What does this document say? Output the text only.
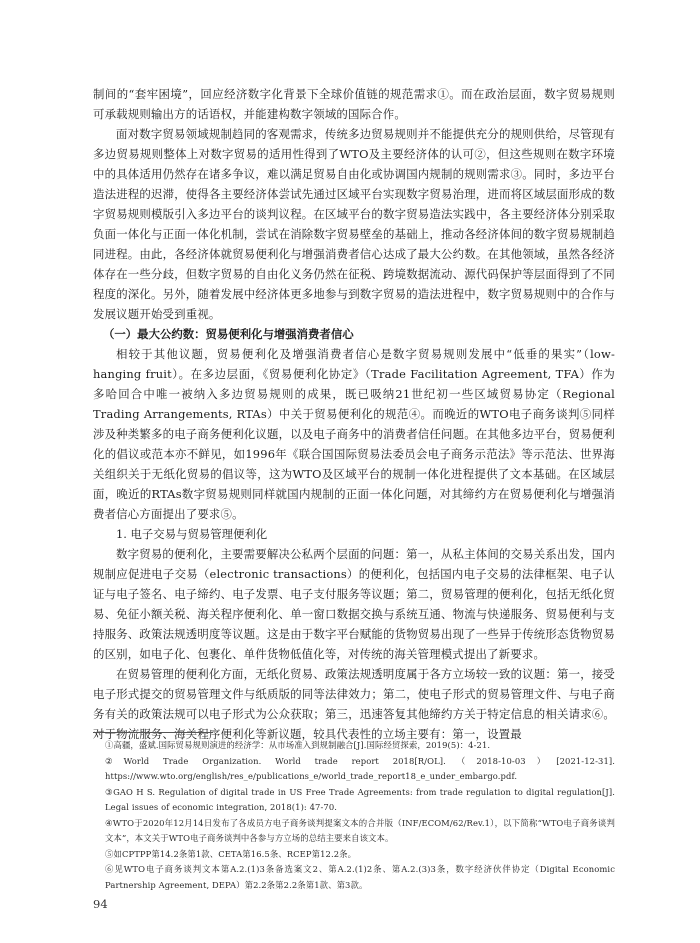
制间的“套牢困境”，回应经济数字化背景下全球价值链的规范需求①。而在政治层面，数字贸易规则可承载规则输出方的话语权，并能建构数字领域的国际合作。

面对数字贸易领域规制趋同的客观需求，传统多边贸易规则并不能提供充分的规则供给，尽管现有多边贸易规则整体上对数字贸易的适用性得到了WTO及主要经济体的认可②，但这些规则在数字环境中的具体适用仍然存在诸多争议，难以满足贸易自由化或协调国内规制的规则需求③。同时，多边平台造法进程的迟滞，使得各主要经济体尝试先通过区域平台实现数字贸易治理，进而将区域层面形成的数字贸易规则模版引入多边平台的谈判议程。在区域平台的数字贸易造法实践中，各主要经济体分别采取负面一体化与正面一体化机制，尝试在消除数字贸易壁垒的基础上，推动各经济体间的数字贸易规制趋同进程。由此，各经济体就贸易便利化与增强消费者信心达成了最大公约数。在其他领域，虽然各经济体存在一些分歧，但数字贸易的自由化义务仍然在征税、跨境数据流动、源代码保护等层面得到了不同程度的深化。另外，随着发展中经济体更多地参与到数字贸易的造法进程中，数字贸易规则中的合作与发展议题开始受到重视。

（一）最大公约数：贸易便利化与增强消费者信心

相较于其他议题，贸易便利化及增强消费者信心是数字贸易规则发展中“低垂的果实”（low-hanging fruit）。在多边层面，《贸易便利化协定》（Trade Facilitation Agreement, TFA）作为多哈回合中唯一被纳入多边贸易规则的成果，既已吸纳21世纪初一些区域贸易协定（Regional Trading Arrangements, RTAs）中关于贸易便利化的规范④。而晚近的WTO电子商务谈判⑤同样涉及种类繁多的电子商务便利化议题，以及电子商务中的消费者信任问题。在其他多边平台，贸易便利化的倡议或范本亦不鲜见，如1996年《联合国国际贸易法委员会电子商务示范法》等示范法、世界海关组织关于无纸化贸易的倡议等，这为WTO及区域平台的规制一体化进程提供了文本基础。在区域层面，晚近的RTAs数字贸易规则同样就国内规制的正面一体化问题，对其缔约方在贸易便利化与增强消费者信心方面提出了要求⑤。

1. 电子交易与贸易管理便利化

数字贸易的便利化，主要需要解决公私两个层面的问题：第一，从私主体间的交易关系出发，国内规制应促进电子交易（electronic transactions）的便利化，包括国内电子交易的法律框架、电子认证与电子签名、电子缔约、电子发票、电子支付服务等议题；第二，贸易管理的便利化，包括无纸化贸易、免征小额关税、海关程序便利化、单一窗口数据交换与系统互通、物流与快递服务、贸易便利与支持服务、政策法规透明度等议题。这是由于数字平台赋能的货物贸易出现了一些异于传统形态货物贸易的区别，如电子化、包裹化、单件货物低值化等，对传统的海关管理模式提出了新要求。

在贸易管理的便利化方面，无纸化贸易、政策法规透明度属于各方立场较一致的议题：第一，接受电子形式提交的贸易管理文件与纸质版的同等法律效力；第二，使电子形式的贸易管理文件、与电子商务有关的政策法规可以电子形式为公众获取；第三，迅速答复其他缔约方关于特定信息的相关请求⑥。对于物流服务、海关程序便利化等新议题，较具代表性的立场主要有：第一，设置最

①高疆，盛斌.国际贸易规则演进的经济学：从市场准入到规制融合[J].国际经贸探索，2019(5)：4-21.

②World Trade Organization. World trade report 2018[R/OL].（2018-10-03）[2021-12-31]. https://www.wto.org/english/res_e/publications_e/world_trade_report18_e_under_embargo.pdf.

③GAO H S. Regulation of digital trade in US Free Trade Agreements: from trade regulation to digital regulation[J]. Legal issues of economic integration, 2018(1): 47-70.

④WTO于2020年12月14日发布了各成员方电子商务谈判提案文本的合并版（INF/ECOM/62/Rev.1），以下简称“WTO电子商务谈判文本”，本文关于WTO电子商务谈判中各参与方立场的总结主要来自该文本。

⑤如CPTPP第14.2条第1款、CETA第16.5条、RCEP第12.2条。

⑥见WTO电子商务谈判文本第A.2.(1)3条备选案文2、第A.2.(1)2条、第A.2.(3)3条，数字经济伙伴协定（Digital Economic Partnership Agreement, DEPA）第2.2条第2.2条第1款、第3款。

94
